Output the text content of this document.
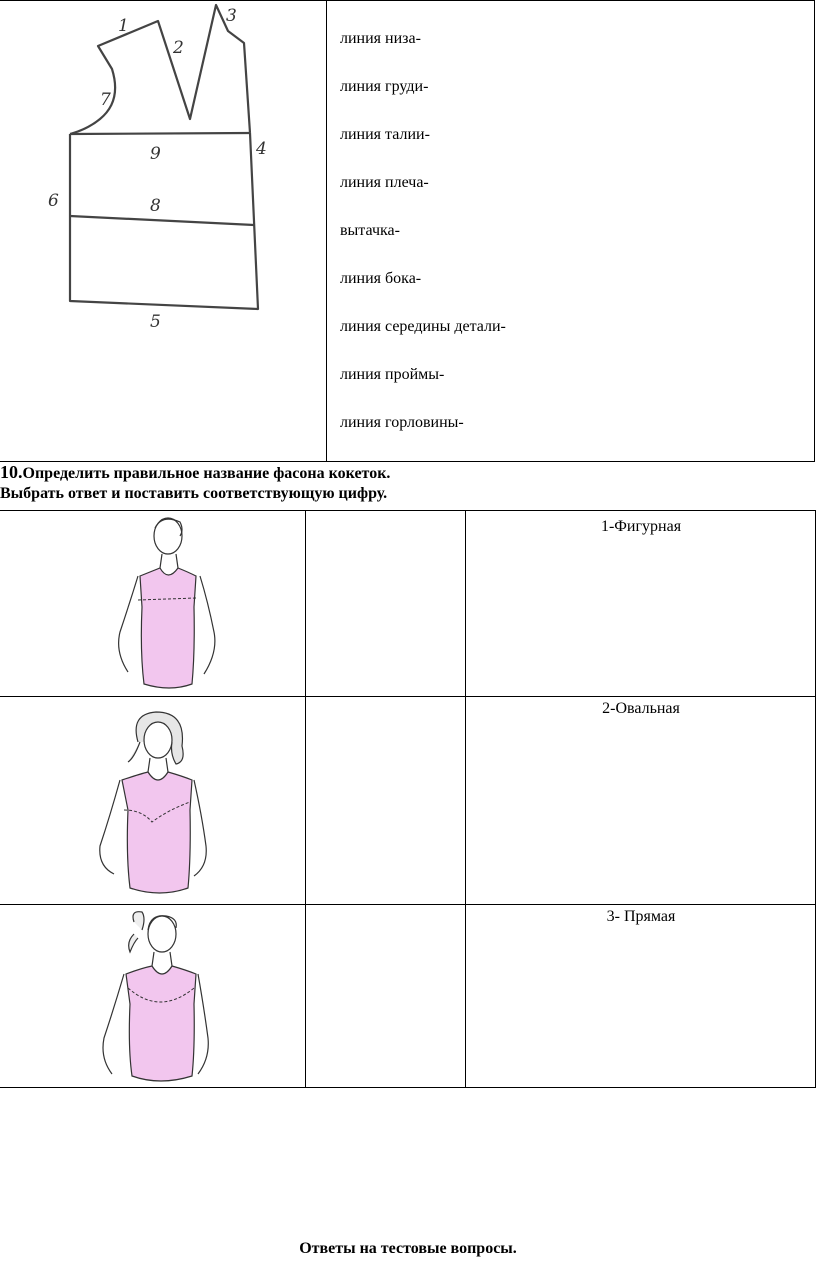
1
2
3
4
5
6
7
8
9
линия низа-
линия груди-
линия талии-
линия плеча-
вытачка-
линия бока-
линия середины детали-
линия проймы-
линия горловины-
10.Определить правильное название фасона кокеток.
Выбрать ответ и поставить соответствующую цифру.
1-Фигурная
2-Овальная
3- Прямая
Ответы на тестовые вопросы.
